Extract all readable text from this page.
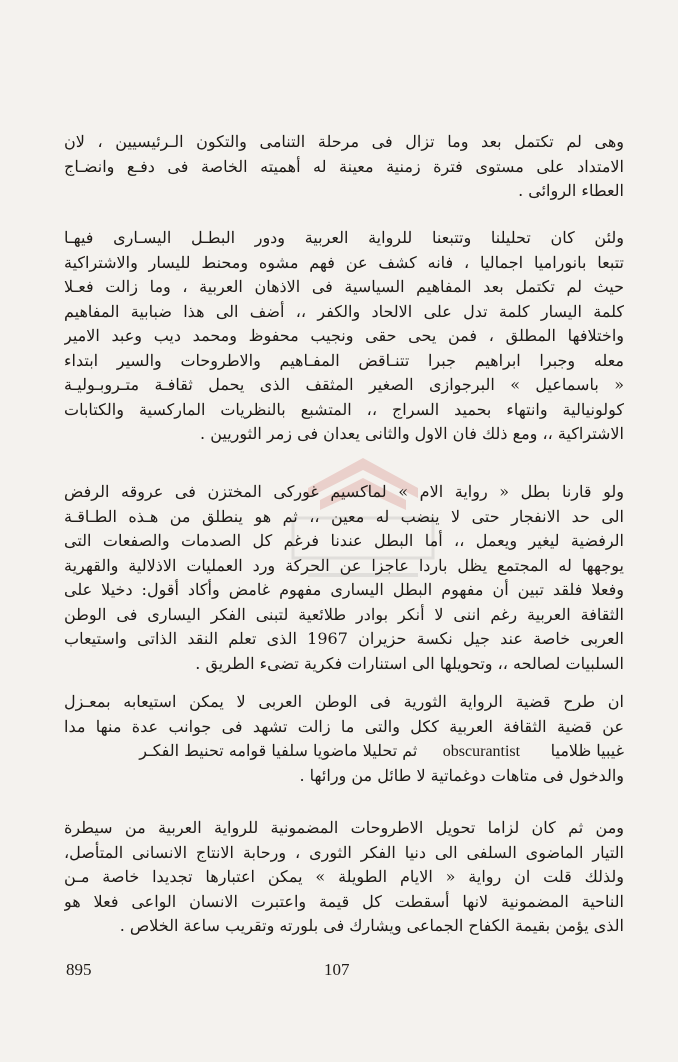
وهى لم تكتمل بعد وما تزال فى مرحلة التنامى والتكون الـرئيسيين ، لان
الامتداد على مستوى فترة زمنية معينة له أهميته الخاصة فى دفـع وانضـاج
العطاء الروائى .
ولئن كان تحليلنا وتتبعنا للرواية العربية ودور البطـل اليسـارى فيهـا
تتبعا بانوراميا اجماليا ، فانه كشف عن فهم مشوه ومحنط لليسار والاشتراكية
حيث لم تكتمل بعد المفاهيم السياسية فى الاذهان العربية ، وما زالت فعـلا
كلمة اليسار كلمة تدل على الالحاد والكفر ،، أضف الى هذا ضبابية المفاهيم
واختلافها المطلق ، فمن يحى حقى ونجيب محفوظ ومحمد ديب وعبد الامير
معله وجبرا ابراهيم جبرا تتنـاقض المفـاهيم والاطروحات والسير ابتداء
« باسماعيل » البرجوازى الصغير المثقف الذى يحمل ثقافـة متـروبـوليـة
كولونيالية وانتهاء بحميد السراج ،، المتشبع بالنظريات الماركسية والكتابات
الاشتراكية ،، ومع ذلك فان الاول والثانى يعدان فى زمر الثوريين .
ولو قارنا بطل « رواية الام » لماكسيم غوركى المختزن فى عروقه الرفض
الى حد الانفجار حتى لا ينضب له معين ،، ثم هو ينطلق من هـذه الطـاقـة
الرفضية ليغير ويعمل ،، أما البطل عندنا فرغم كل الصدمات والصفعات التى
يوجهها له المجتمع يظل باردا عاجزا عن الحركة ورد العمليات الاذلالية والقهرية
وفعلا فلقد تبين أن مفهوم البطل اليسارى مفهوم غامض وأكاد أقول: دخيلا على
الثقافة العربية رغم اننى لا أنكر بوادر طلائعية لتبنى الفكر اليسارى فى الوطن
العربى خاصة عند جيل نكسة حزيران 1967 الذى تعلم النقد الذاتى واستيعاب
السلبيات لصالحه ،، وتحويلها الى استنارات فكرية تضىء الطريق .
ان طرح قضية الرواية الثورية فى الوطن العربى لا يمكن استيعابه بمعـزل
عن قضية الثقافة العربية ككل والتى ما زالت تشهد فى جوانب عدة منها مدا
غيبيا ظلاميا      obscurantist     ثم تحليلا ماضويا سلفيا قوامه تحنيط الفكـر
والدخول فى متاهات دوغماتية لا طائل من ورائها .
ومن ثم كان لزاما تحويل الاطروحات المضمونية للرواية العربية من سيطرة
التيار الماضوى السلفى الى دنيا الفكر الثورى ، ورحابة الانتاج الانسانى المتأصل،
ولذلك قلت ان رواية « الايام الطويلة » يمكن اعتبارها تجديدا خاصة مـن
الناحية المضمونية لانها أسقطت كل قيمة واعتبرت الانسان الواعى فعلا هو
الذى يؤمن بقيمة الكفاح الجماعى ويشارك فى بلورته وتقريب ساعة الخلاص .
895	107
